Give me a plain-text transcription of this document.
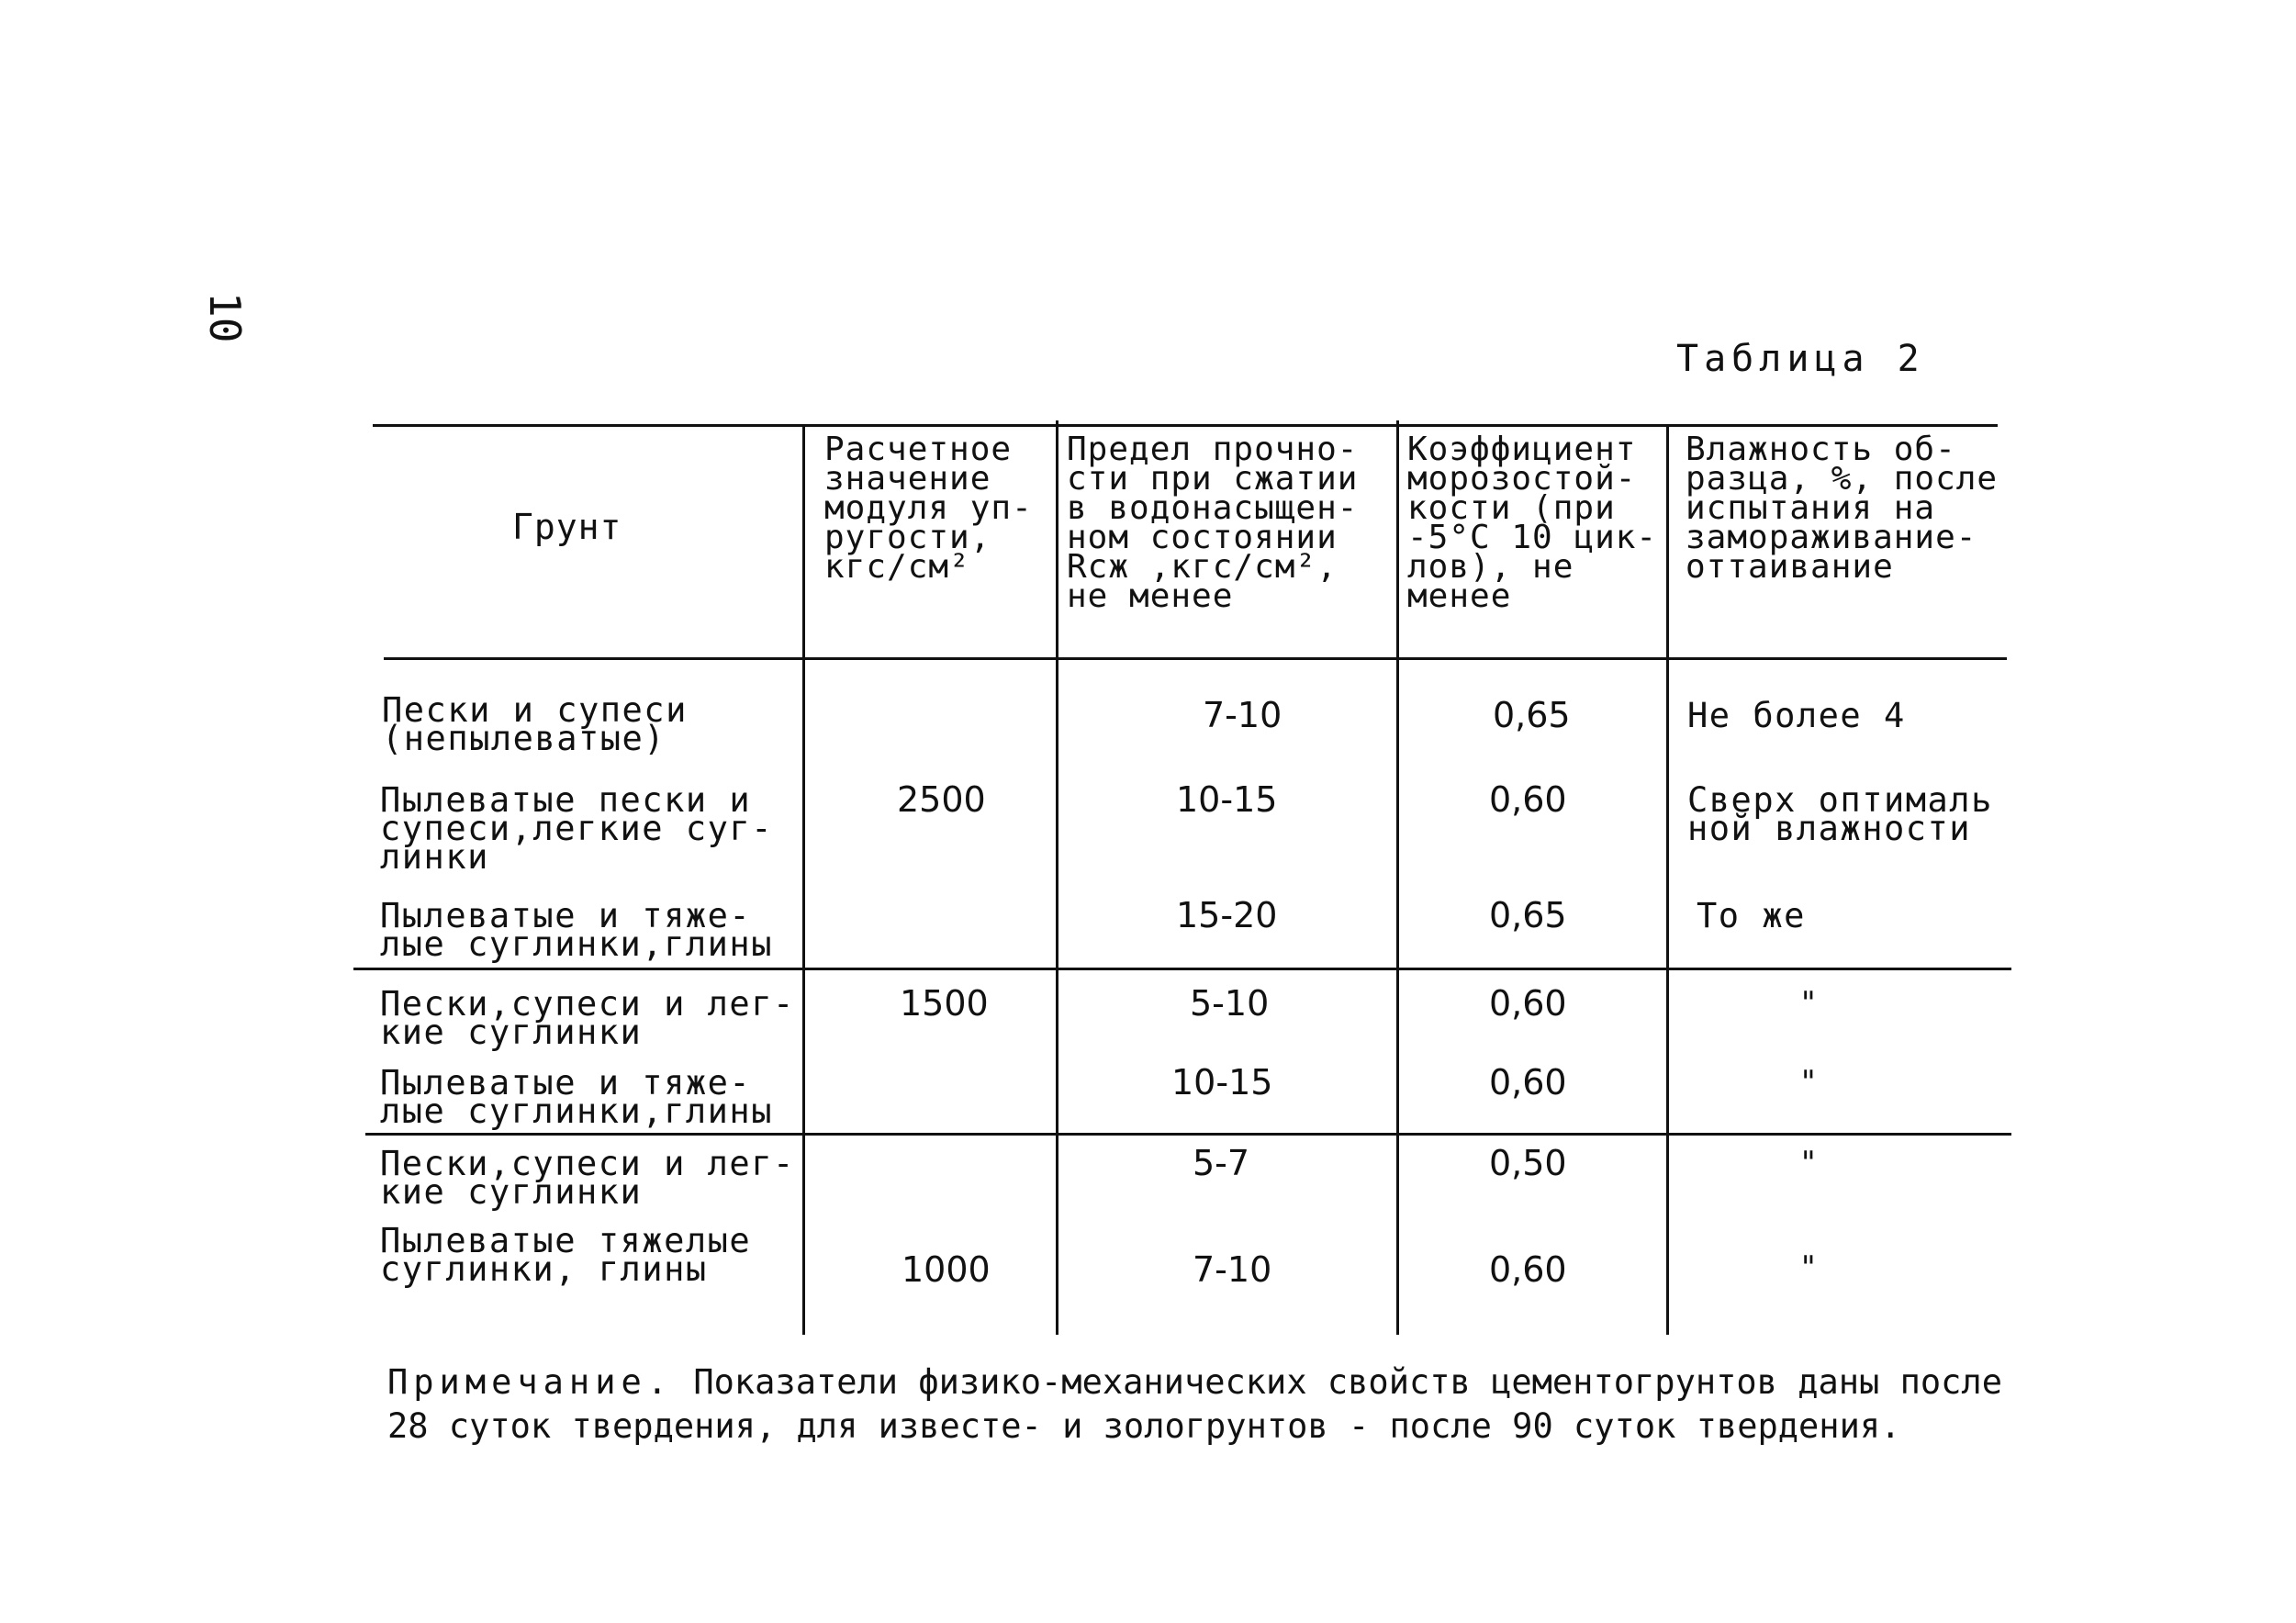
10
Таблица 2
Грунт
Расчетное
значение
модуля уп-
ругости,
кгс/см²
Предел прочно-
сти при сжатии
в водонасыщен-
ном состоянии
Rсж ,кгс/см²,
не менее
Коэффициент
морозостой-
кости (при
-5°С 10 цик-
лов), не
менее
Влажность об-
разца, %, после
испытания на
замораживание-
оттаивание
Пески и супеси
(непылеватые)
Пылеватые пески и
супеси,легкие суг-
линки
Пылеватые и тяже-
лые суглинки,глины
Пески,супеси и лег-
кие суглинки
Пылеватые и тяже-
лые суглинки,глины
Пески,супеси и лег-
кие суглинки
Пылеватые тяжелые
суглинки, глины
2500
1500
1000
7-10
10-15
15-20
5-10
10-15
5-7
7-10
0,65
0,60
0,65
0,60
0,60
0,50
0,60
Не более 4
Сверх оптималь
ной влажности
То же
"
"
"
"
Примечание. Показатели физико-механических свойств цементогрунтов даны после 28 суток твердения, для известе- и зологрунтов - после 90 суток твердения.
